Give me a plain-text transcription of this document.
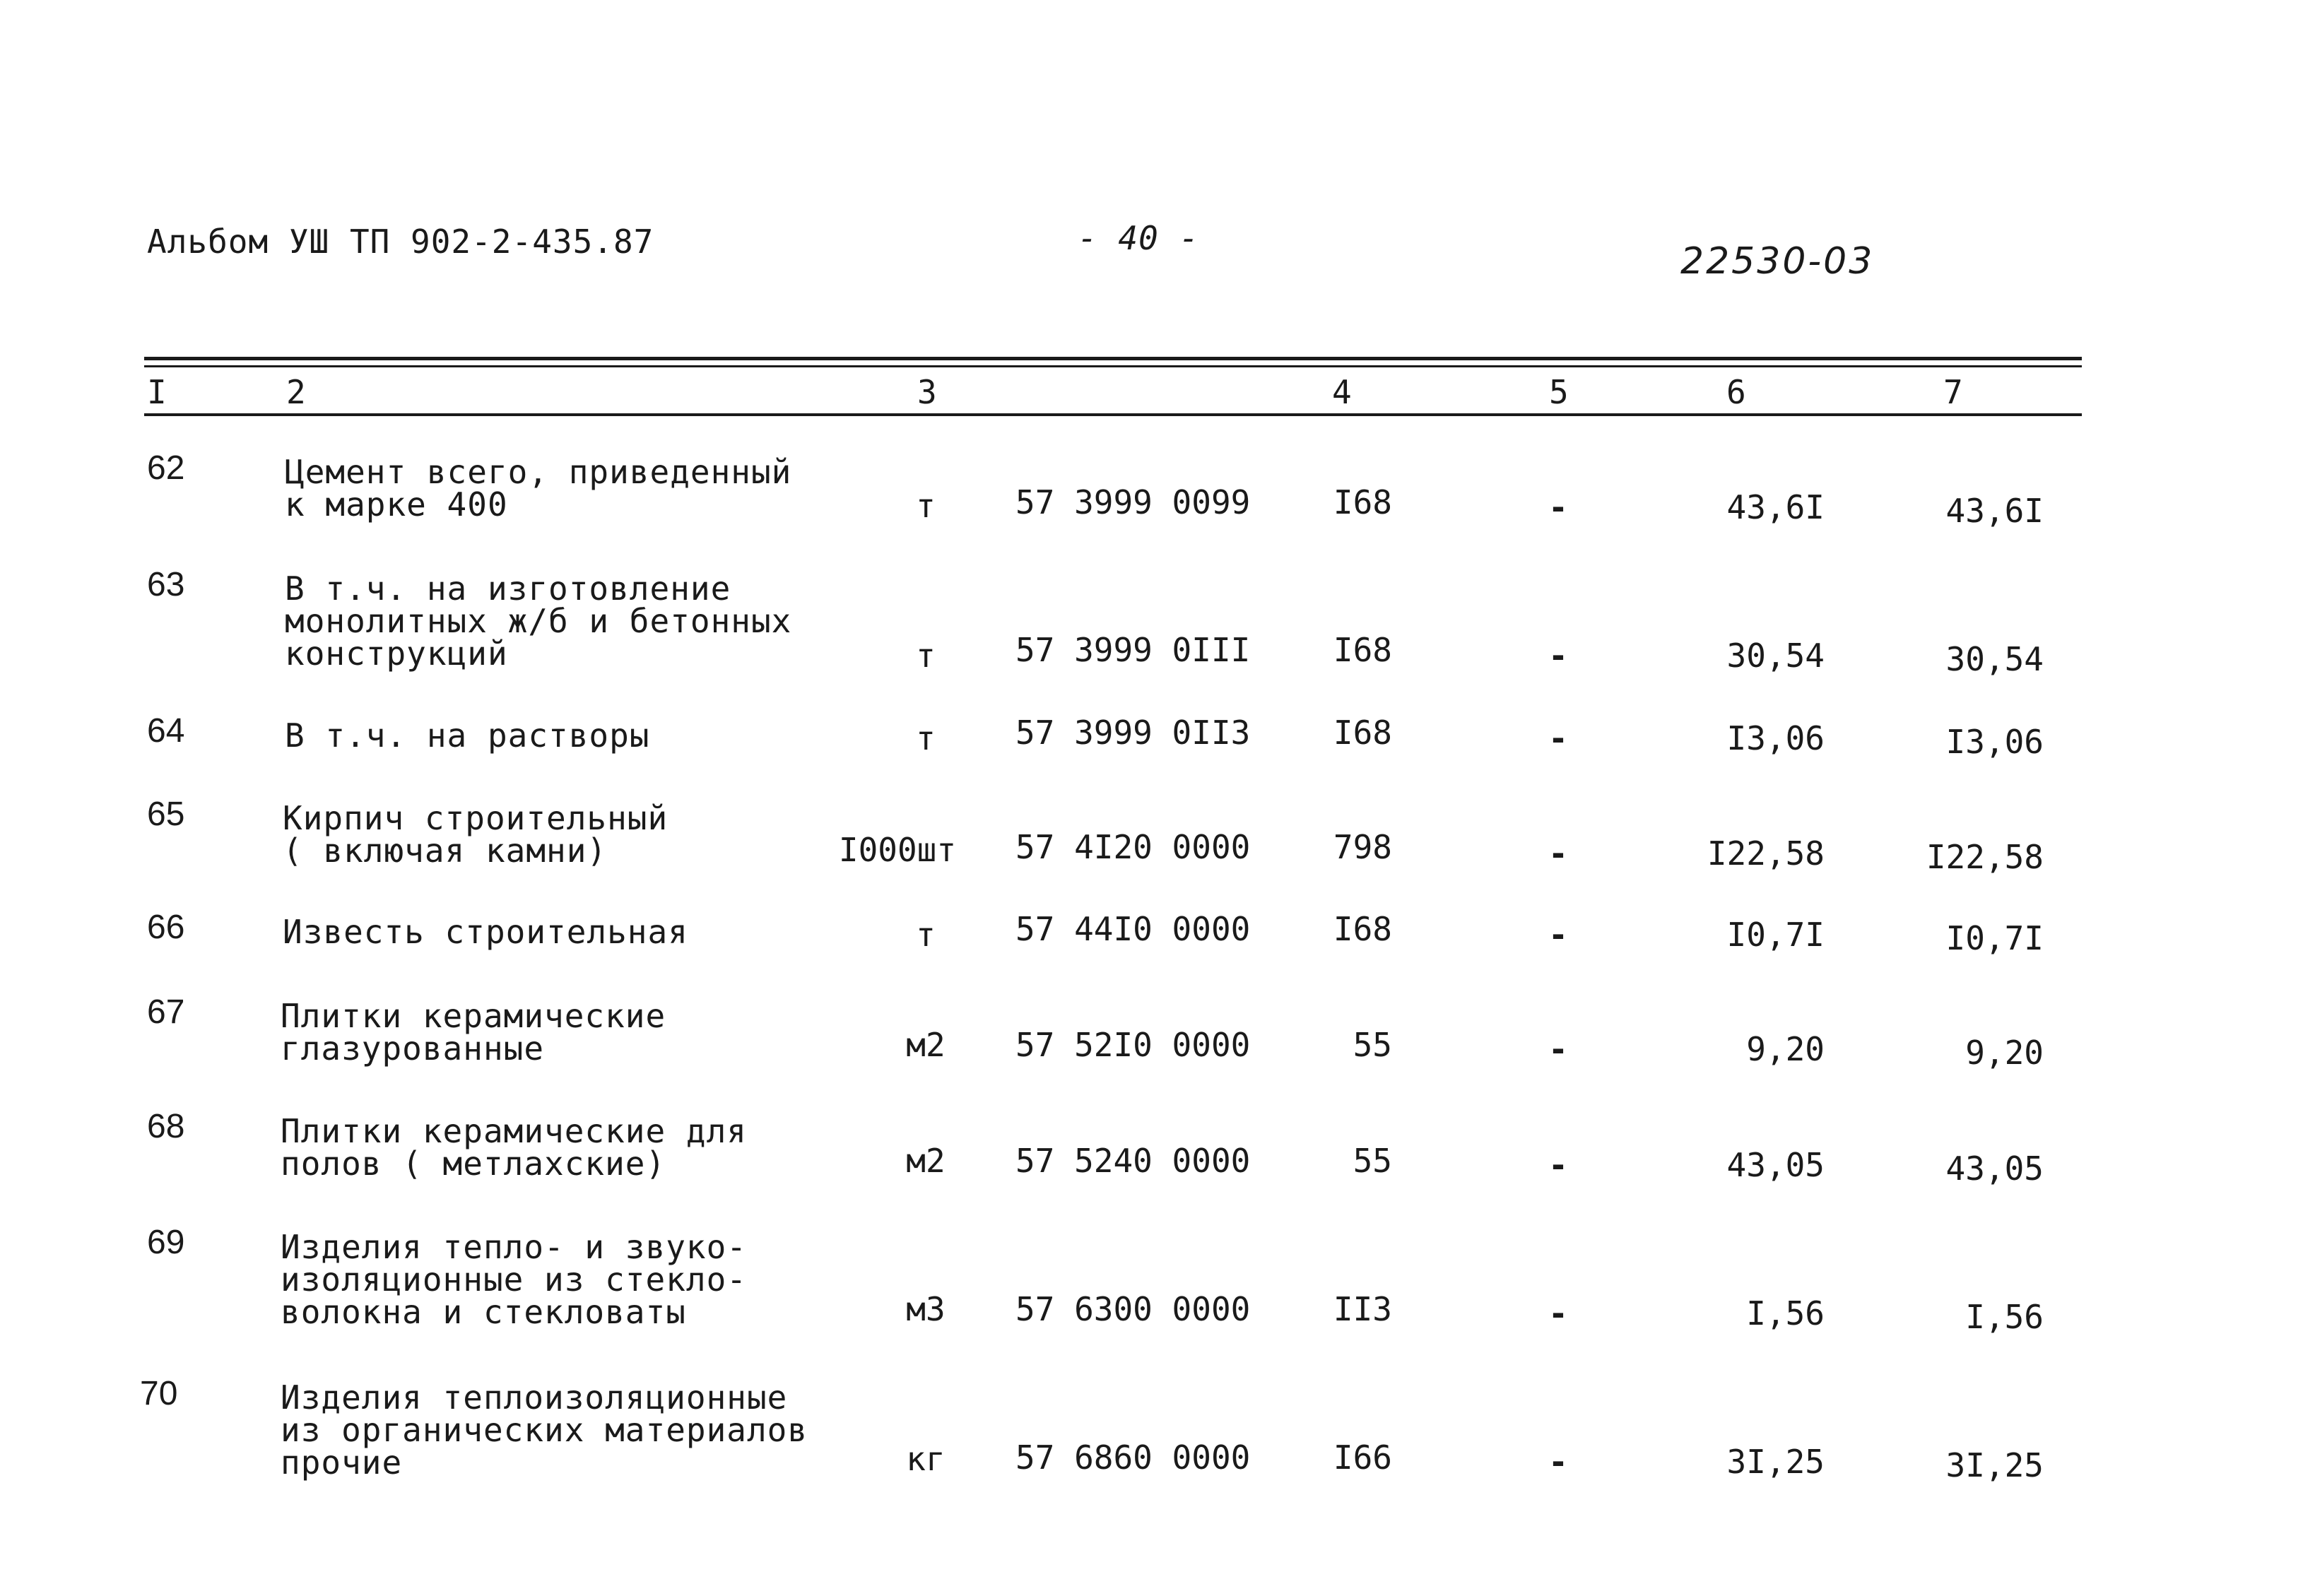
Альбом УШ ТП 902-2-435.87	- 40 -
22530-03
I	2	3	4	5	6	7
62	Цемент всего, приведенный
к марке 400	т	57 3999 0099	I68	-	43,6I	43,6I
63	В т.ч. на изготовление
монолитных ж/б и бетонных
конструкций	т	57 3999 0III	I68	-	30,54	30,54
64	В т.ч. на растворы	т	57 3999 0II3	I68	-	I3,06	I3,06
65	Кирпич строительный
( включая камни)	I000шт	57 4I20 0000	798	-	I22,58	I22,58
66	Известь строительная	т	57 44I0 0000	I68	-	I0,7I	I0,7I
67	Плитки керамические
глазурованные	м2	57 52I0 0000	55	-	9,20	9,20
68	Плитки керамические для
полов ( метлахские)	м2	57 5240 0000	55	-	43,05	43,05
69	Изделия тепло- и звуко-
изоляционные из стекло-
волокна и стекловаты	м3	57 6300 0000	II3	-	I,56	I,56
70	Изделия теплоизоляционные
из органических материалов
прочие	кг	57 6860 0000	I66	-	3I,25	3I,25
